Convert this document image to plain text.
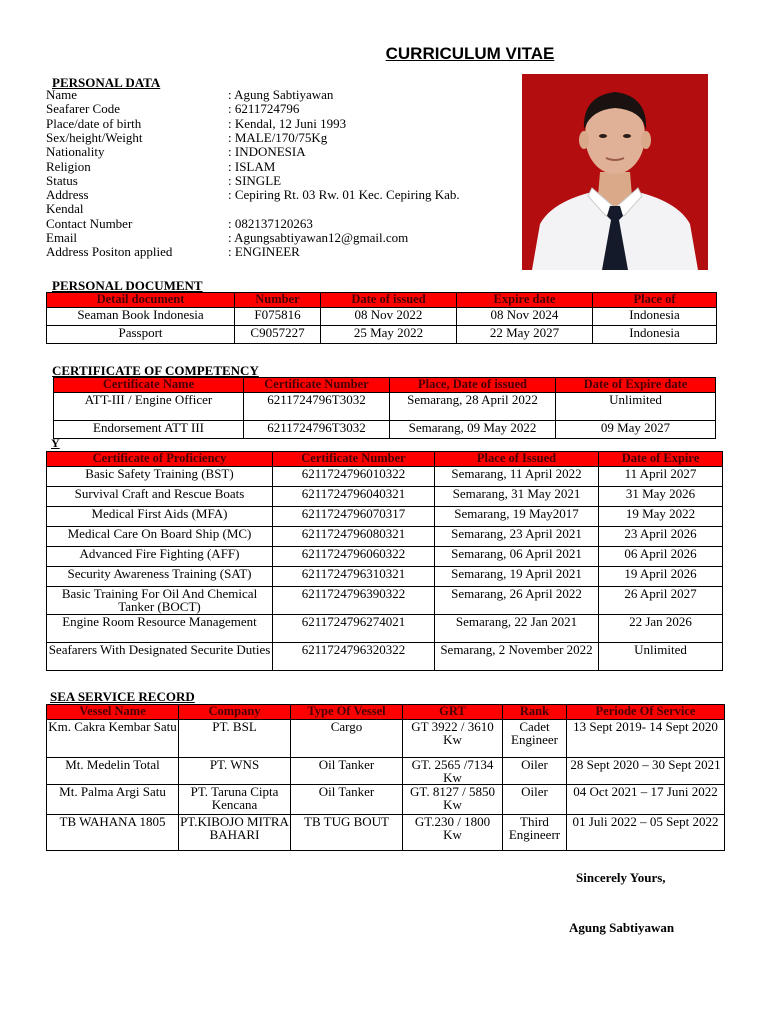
CURRICULUM VITAE
PERSONAL DATA
Name	: Agung Sabtiyawan
Seafarer Code	: 6211724796
Place/date of birth	: Kendal, 12 Juni 1993
Sex/height/Weight	: MALE/170/75Kg
Nationality	: INDONESIA
Religion	: ISLAM
Status	: SINGLE
Address	: Cepiring Rt. 03 Rw. 01 Kec. Cepiring Kab.
Kendal
Contact Number	: 082137120263
Email	: Agungsabtiyawan12@gmail.com
Address Positon applied	: ENGINEER
PERSONAL DOCUMENT
Detail document	Number	Date of issued	Expire date	Place of
Seaman Book Indonesia	F075816	08 Nov 2022	08 Nov 2024	Indonesia
Passport	C9057227	25 May 2022	22 May 2027	Indonesia
CERTIFICATE OF COMPETENCY
Certificate Name	Certificate Number	Place, Date of issued	Date of Expire date
ATT-III / Engine Officer	6211724796T3032	Semarang, 28 April 2022	Unlimited
Endorsement ATT III	6211724796T3032	Semarang, 09 May 2022	09 May 2027
Y
Certificate of Proficiency	Certificate Number	Place of Issued	Date of Expire
Basic Safety Training (BST)	6211724796010322	Semarang, 11 April 2022	11 April 2027
Survival Craft and Rescue Boats	6211724796040321	Semarang, 31 May 2021	31 May 2026
Medical First Aids (MFA)	6211724796070317	Semarang, 19 May2017	19 May 2022
Medical Care On Board Ship (MC)	6211724796080321	Semarang, 23 April 2021	23 April 2026
Advanced Fire Fighting (AFF)	6211724796060322	Semarang, 06 April 2021	06 April 2026
Security Awareness Training (SAT)	6211724796310321	Semarang, 19 April 2021	19 April 2026
Basic Training For Oil And Chemical Tanker (BOCT)	6211724796390322	Semarang, 26 April 2022	26 April 2027
Engine Room Resource Management	6211724796274021	Semarang, 22 Jan 2021	22 Jan 2026
Seafarers With Designated Securite Duties	6211724796320322	Semarang, 2 November 2022	Unlimited
SEA SERVICE RECORD
Vessel Name	Company	Type Of Vessel	GRT	Rank	Periode Of Service
Km. Cakra Kembar Satu	PT. BSL	Cargo	GT 3922 / 3610 Kw	Cadet Engineer	13 Sept 2019- 14 Sept 2020
Mt. Medelin Total	PT. WNS	Oil Tanker	GT. 2565 /7134 Kw	Oiler	28 Sept 2020 – 30 Sept 2021
Mt. Palma Argi Satu	PT. Taruna Cipta Kencana	Oil Tanker	GT. 8127 / 5850 Kw	Oiler	04 Oct 2021 – 17 Juni 2022
TB WAHANA 1805	PT.KIBOJO MITRA BAHARI	TB TUG BOUT	GT.230 / 1800 Kw	Third Engineerr	01 Juli 2022 – 05 Sept 2022
Sincerely Yours,
Agung Sabtiyawan
